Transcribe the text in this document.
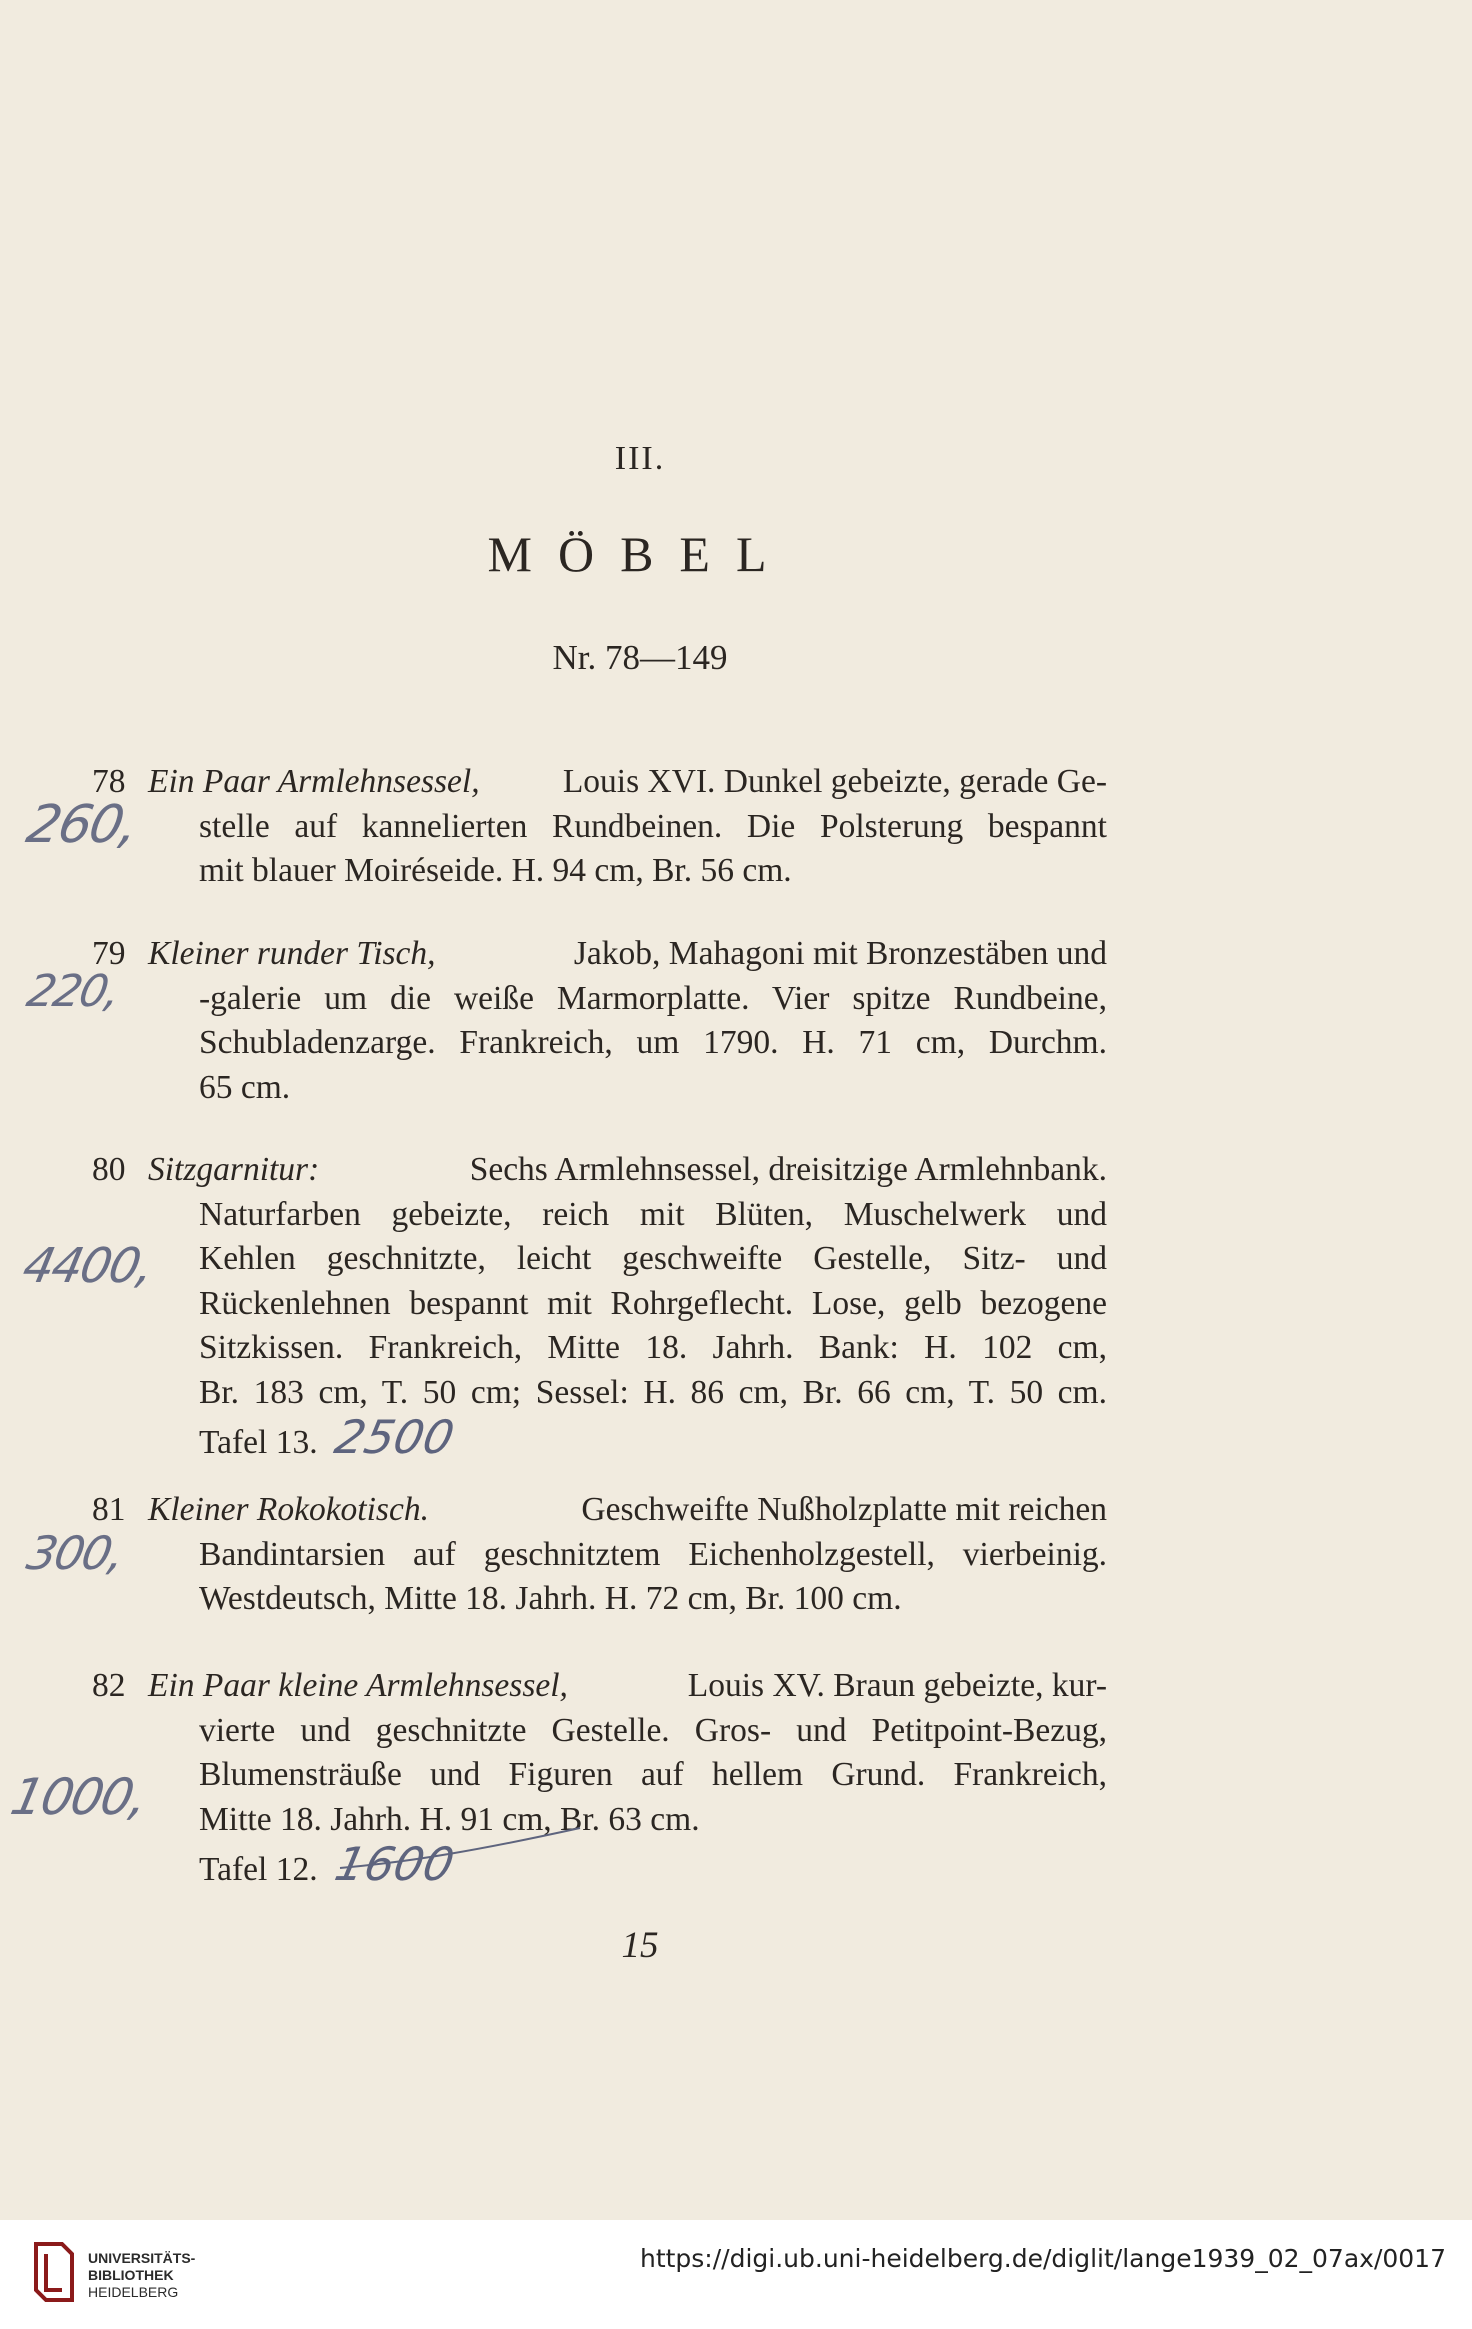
III.
MÖBEL
Nr. 78—149
78 Ein Paar Armlehnsessel, Louis XVI. Dunkel gebeizte, gerade Ge-
stelle auf kannelierten Rundbeinen. Die Polsterung bespannt
mit blauer Moiréseide. H. 94 cm, Br. 56 cm.
260,
79 Kleiner runder Tisch,	Jakob, Mahagoni mit Bronzestäben und
-galerie um die weiße Marmorplatte. Vier spitze Rundbeine,
Schubladenzarge. Frankreich, um 1790. H. 71 cm, Durchm.
65 cm.
220,
80 Sitzgarnitur:	Sechs Armlehnsessel, dreisitzige Armlehnbank.
Naturfarben gebeizte, reich mit Blüten, Muschelwerk und
Kehlen geschnitzte, leicht geschweifte Gestelle, Sitz- und
Rückenlehnen bespannt mit Rohrgeflecht. Lose, gelb bezogene
Sitzkissen. Frankreich, Mitte 18. Jahrh. Bank: H. 102 cm,
Br. 183 cm, T. 50 cm; Sessel: H. 86 cm, Br. 66 cm, T. 50 cm.
Tafel 13. 2500
4400,
81 Kleiner Rokokotisch.	Geschweifte Nußholzplatte mit reichen
Bandintarsien auf geschnitztem Eichenholzgestell, vierbeinig.
Westdeutsch, Mitte 18. Jahrh. H. 72 cm, Br. 100 cm.
300,
82 Ein Paar kleine Armlehnsessel,	Louis XV. Braun gebeizte, kur-
vierte und geschnitzte Gestelle. Gros- und Petitpoint-Bezug,
Blumensträuße und Figuren auf hellem Grund. Frankreich,
Mitte 18. Jahrh. H. 91 cm, Br. 63 cm.
Tafel 12. 1600
1000,
15
UNIVERSITÄTS-
BIBLIOTHEK
HEIDELBERG
https://digi.ub.uni-heidelberg.de/diglit/lange1939_02_07ax/0017
